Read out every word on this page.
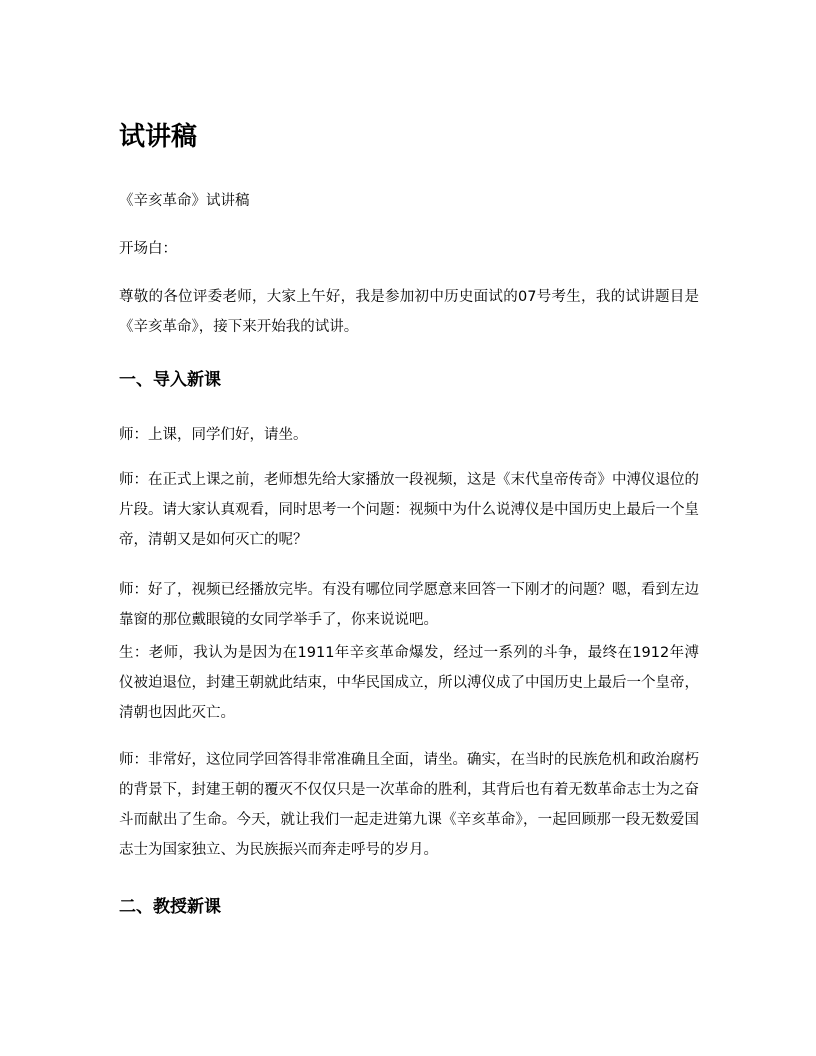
试讲稿

《辛亥革命》试讲稿

开场白：

尊敬的各位评委老师，大家上午好，我是参加初中历史面试的07号考生，我的试讲题目是《辛亥革命》，接下来开始我的试讲。

一、导入新课

师：上课，同学们好，请坐。

师：在正式上课之前，老师想先给大家播放一段视频，这是《末代皇帝传奇》中溥仪退位的片段。请大家认真观看，同时思考一个问题：视频中为什么说溥仪是中国历史上最后一个皇帝，清朝又是如何灭亡的呢？

师：好了，视频已经播放完毕。有没有哪位同学愿意来回答一下刚才的问题？嗯，看到左边靠窗的那位戴眼镜的女同学举手了，你来说说吧。

生：老师，我认为是因为在1911年辛亥革命爆发，经过一系列的斗争，最终在1912年溥仪被迫退位，封建王朝就此结束，中华民国成立，所以溥仪成了中国历史上最后一个皇帝，清朝也因此灭亡。

师：非常好，这位同学回答得非常准确且全面，请坐。确实，在当时的民族危机和政治腐朽的背景下，封建王朝的覆灭不仅仅只是一次革命的胜利，其背后也有着无数革命志士为之奋斗而献出了生命。今天，就让我们一起走进第九课《辛亥革命》，一起回顾那一段无数爱国志士为国家独立、为民族振兴而奔走呼号的岁月。

二、教授新课
